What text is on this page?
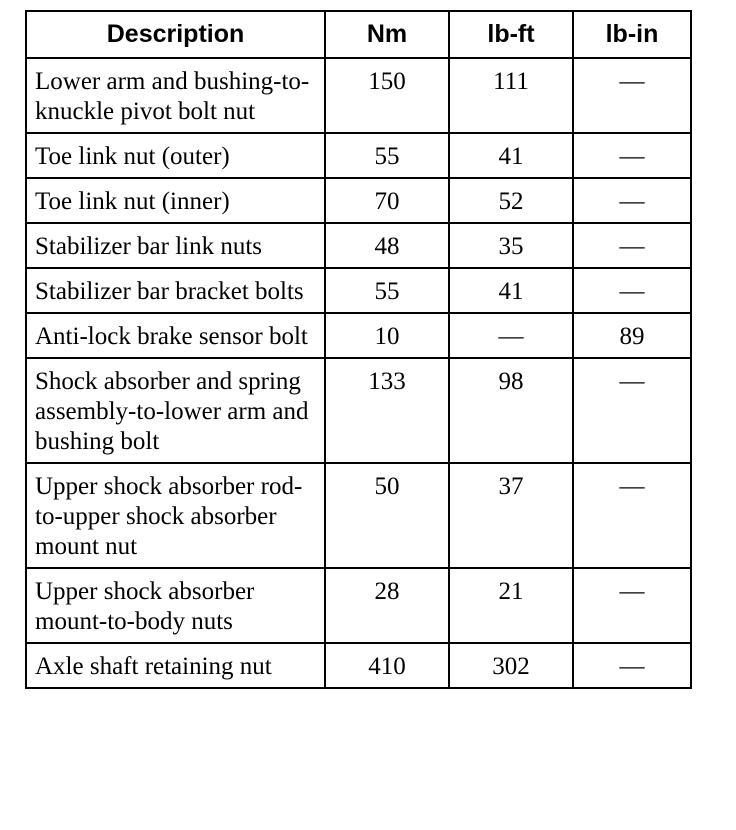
Description	Nm	lb-ft	lb-in
Lower arm and bushing-to-knuckle pivot bolt nut	150	111	—
Toe link nut (outer)	55	41	—
Toe link nut (inner)	70	52	—
Stabilizer bar link nuts	48	35	—
Stabilizer bar bracket bolts	55	41	—
Anti-lock brake sensor bolt	10	—	89
Shock absorber and spring assembly-to-lower arm and bushing bolt	133	98	—
Upper shock absorber rod-to-upper shock absorber mount nut	50	37	—
Upper shock absorber mount-to-body nuts	28	21	—
Axle shaft retaining nut	410	302	—
